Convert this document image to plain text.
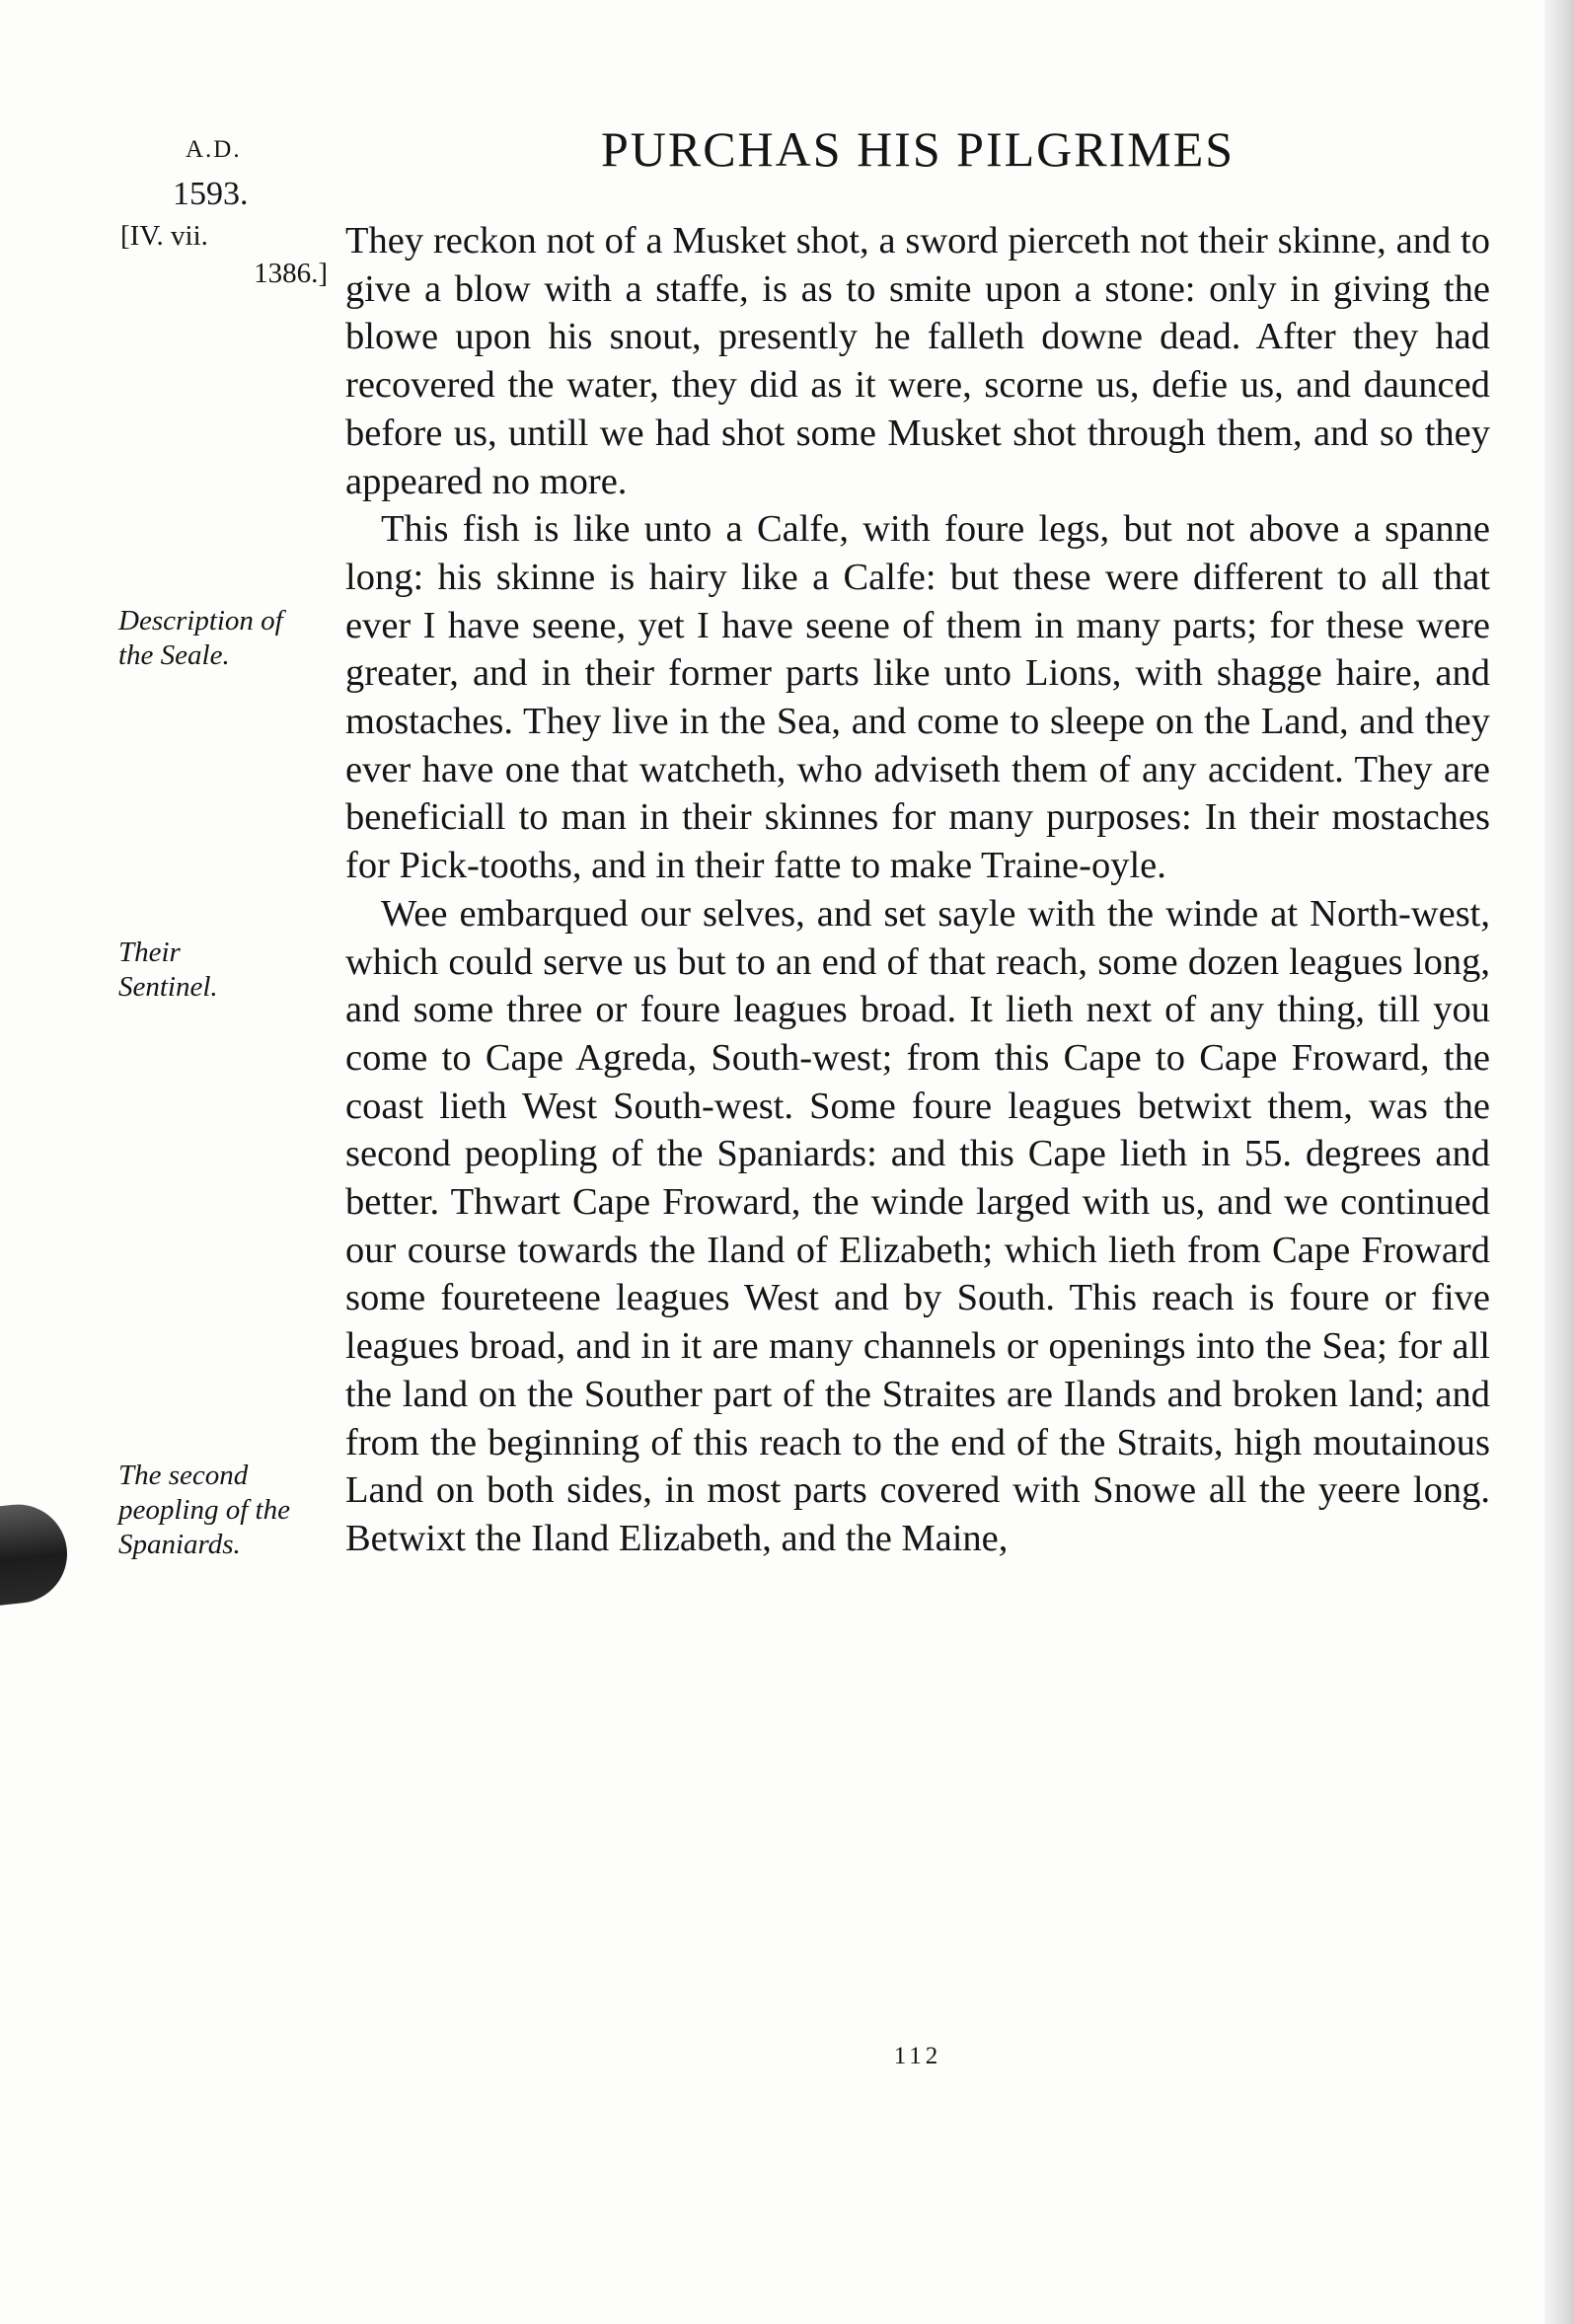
A.D.	PURCHAS HIS PILGRIMES
1593.
[IV. vii.
1386.]
Description of
the Seale.
Their
Sentinel.
The second
peopling of the
Spaniards.

They reckon not of a Musket shot, a sword pierceth not their skinne, and to give a blow with a staffe, is as to smite upon a stone: only in giving the blowe upon his snout, presently he falleth downe dead. After they had recovered the water, they did as it were, scorne us, defie us, and daunced before us, untill we had shot some Musket shot through them, and so they appeared no more.

This fish is like unto a Calfe, with foure legs, but not above a spanne long: his skinne is hairy like a Calfe: but these were different to all that ever I have seene, yet I have seene of them in many parts; for these were greater, and in their former parts like unto Lions, with shagge haire, and mostaches. They live in the Sea, and come to sleepe on the Land, and they ever have one that watcheth, who adviseth them of any accident. They are beneficiall to man in their skinnes for many purposes: In their mostaches for Pick-tooths, and in their fatte to make Traine-oyle.

Wee embarqued our selves, and set sayle with the winde at North-west, which could serve us but to an end of that reach, some dozen leagues long, and some three or foure leagues broad. It lieth next of any thing, till you come to Cape Agreda, South-west; from this Cape to Cape Froward, the coast lieth West South-west. Some foure leagues betwixt them, was the second peopling of the Spaniards: and this Cape lieth in 55. degrees and better. Thwart Cape Froward, the winde larged with us, and we continued our course towards the Iland of Elizabeth; which lieth from Cape Froward some foureteene leagues West and by South. This reach is foure or five leagues broad, and in it are many channels or openings into the Sea; for all the land on the Souther part of the Straites are Ilands and broken land; and from the beginning of this reach to the end of the Straits, high moutainous Land on both sides, in most parts covered with Snowe all the yeere long. Betwixt the Iland Elizabeth, and the Maine,

112
